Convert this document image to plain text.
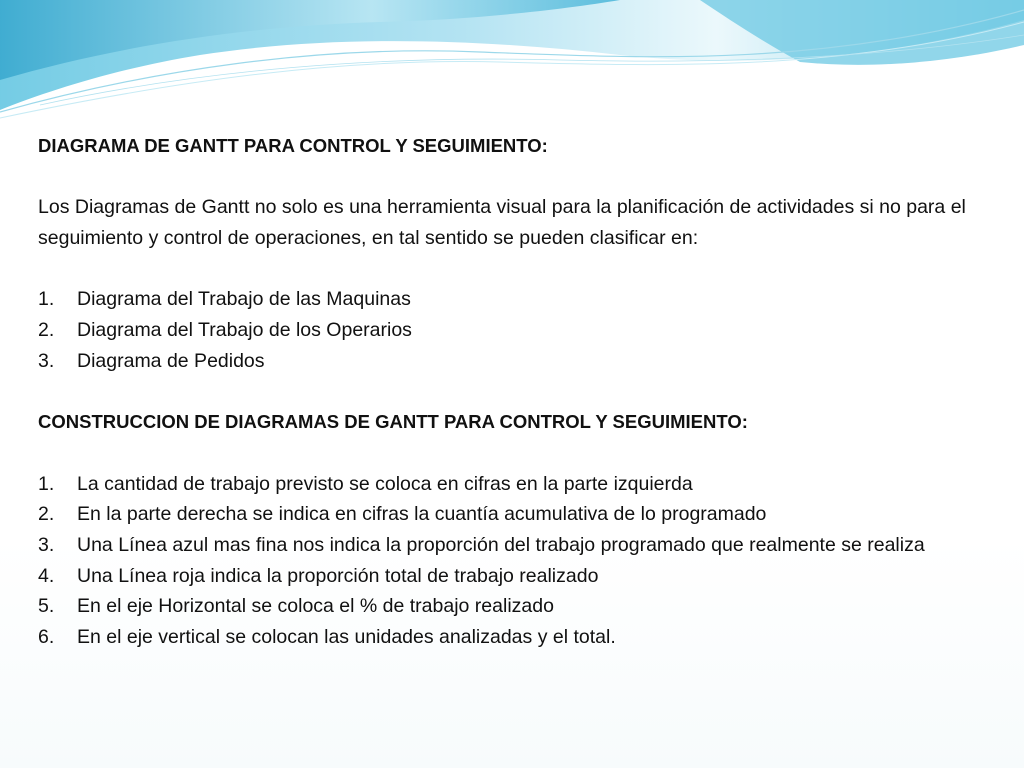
DIAGRAMA DE GANTT PARA CONTROL Y SEGUIMIENTO:

Los Diagramas de Gantt no solo es una herramienta visual para la planificación de actividades si no para el seguimiento y control de operaciones, en tal sentido se pueden clasificar en:

1. Diagrama del Trabajo de las Maquinas
2. Diagrama del Trabajo de los Operarios
3. Diagrama de Pedidos

CONSTRUCCION DE DIAGRAMAS DE GANTT PARA CONTROL Y SEGUIMIENTO:

1. La cantidad de trabajo previsto se coloca en cifras en la parte izquierda
2. En la parte derecha se indica en cifras la cuantía acumulativa de lo programado
3. Una Línea azul mas fina nos indica la proporción del trabajo programado que realmente se realiza
4. Una Línea roja indica la proporción total de trabajo realizado
5. En el eje Horizontal se coloca el % de trabajo realizado
6. En el eje vertical se colocan las unidades analizadas y el total.
